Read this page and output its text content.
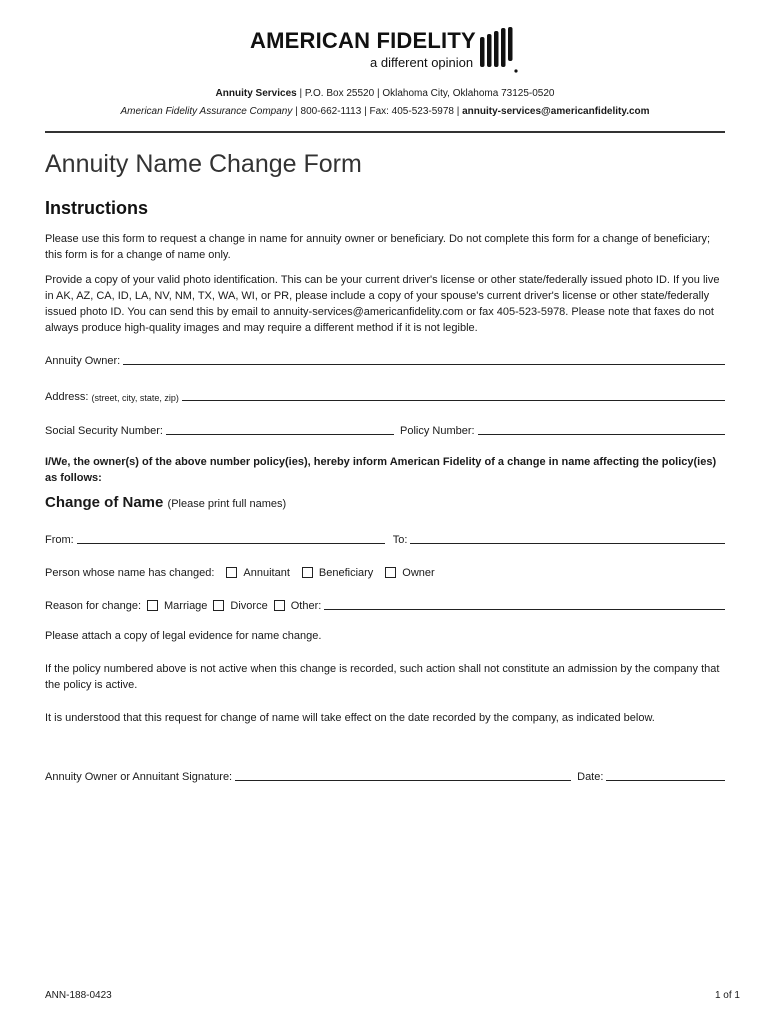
AMERICAN FIDELITY
a different opinion
Annuity Services | P.O. Box 25520 | Oklahoma City, Oklahoma 73125-0520
American Fidelity Assurance Company | 800-662-1113 | Fax: 405-523-5978 | annuity-services@americanfidelity.com
Annuity Name Change Form
Instructions
Please use this form to request a change in name for annuity owner or beneficiary. Do not complete this form for a change of beneficiary; this form is for a change of name only.
Provide a copy of your valid photo identification. This can be your current driver's license or other state/federally issued photo ID. If you live in AK, AZ, CA, ID, LA, NV, NM, TX, WA, WI, or PR, please include a copy of your spouse's current driver's license or other state/federally issued photo ID. You can send this by email to annuity-services@americanfidelity.com or fax 405-523-5978. Please note that faxes do not always produce high-quality images and may require a different method if it is not legible.
Annuity Owner:
Address:
(street, city, state, zip)
Social Security Number:	Policy Number:
I/We, the owner(s) of the above number policy(ies), hereby inform American Fidelity of a change in name affecting the policy(ies) as follows:
Change of Name (Please print full names)
From:	To:
Person whose name has changed:	Annuitant	Beneficiary	Owner
Reason for change:	Marriage	Divorce	Other:
Please attach a copy of legal evidence for name change.
If the policy numbered above is not active when this change is recorded, such action shall not constitute an admission by the company that the policy is active.
It is understood that this request for change of name will take effect on the date recorded by the company, as indicated below.
Annuity Owner or Annuitant Signature:	Date:
ANN-188-0423	1 of 1
